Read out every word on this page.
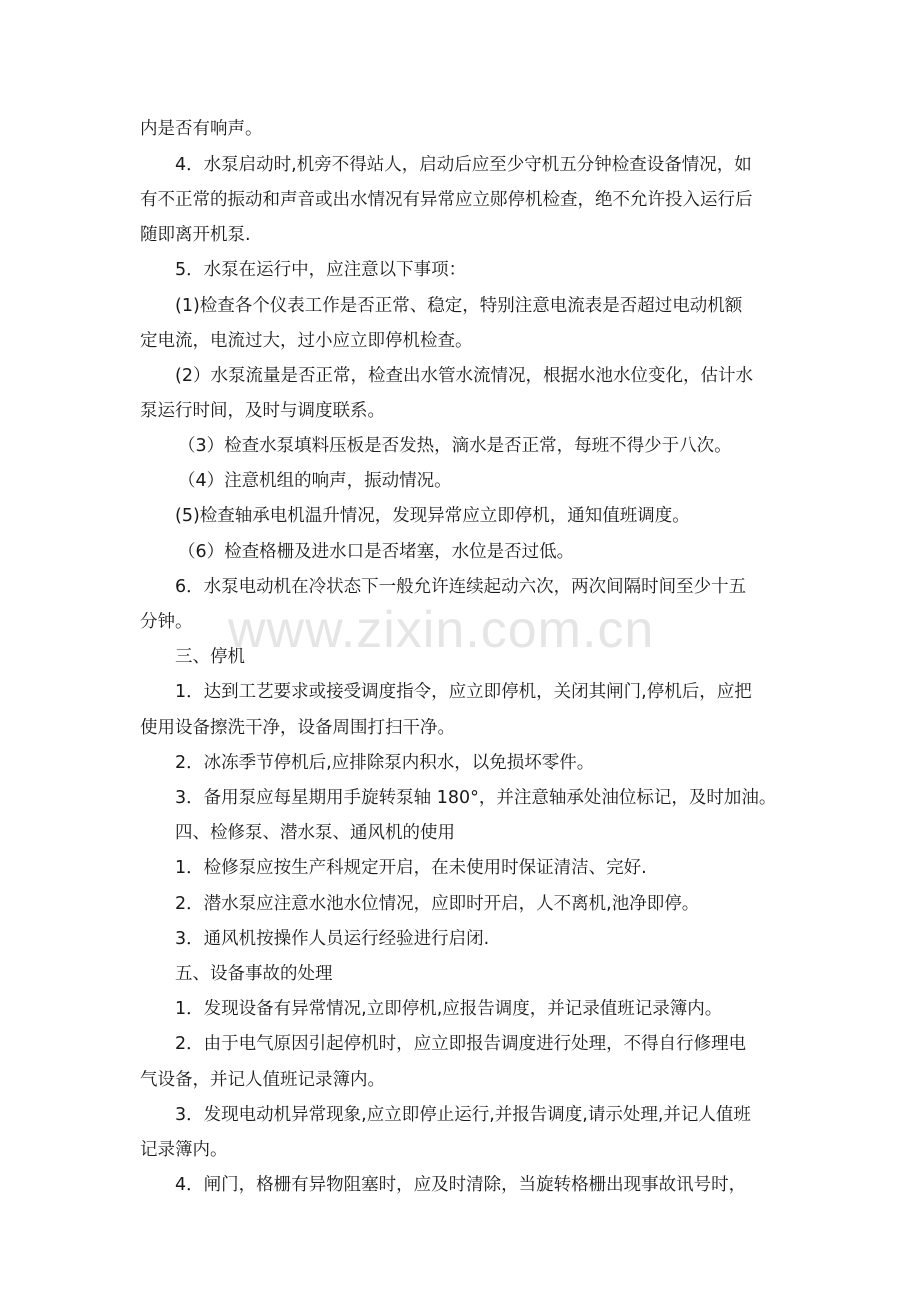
www.zixin.com.cn
内是否有响声。
4．水泵启动时,机旁不得站人，启动后应至少守机五分钟检查设备情况，如
有不正常的振动和声音或出水情况有异常应立郧停机检查，绝不允许投入运行后
随即离开机泵.
5．水泵在运行中，应注意以下事项：
(1)检查各个仪表工作是否正常、稳定，特别注意电流表是否超过电动机额
定电流，电流过大，过小应立即停机检查。
(2）水泵流量是否正常，检查出水管水流情况，根据水池水位变化，估计水
泵运行时间，及时与调度联系。
（3）检查水泵填料压板是否发热，滴水是否正常，每班不得少于八次。
（4）注意机组的响声，振动情况。
(5)检查轴承电机温升情况，发现异常应立即停机，通知值班调度。
（6）检查格栅及进水口是否堵塞，水位是否过低。
6．水泵电动机在冷状态下一般允许连续起动六次，两次间隔时间至少十五
分钟。
三、停机
1．达到工艺要求或接受调度指令，应立即停机，关闭其闸门,停机后，应把
使用设备擦洗干净，设备周围打扫干净。
2．冰冻季节停机后,应排除泵内积水，以免损坏零件。
3．备用泵应每星期用手旋转泵轴 180°，并注意轴承处油位标记，及时加油。
四、检修泵、潜水泵、通风机的使用
1．检修泵应按生产科规定开启，在未使用时保证清洁、完好.
2．潜水泵应注意水池水位情况，应即时开启，人不离机,池净即停。
3．通风机按操作人员运行经验进行启闭.
五、设备事故的处理
1．发现设备有异常情况,立即停机,应报告调度，并记录值班记录簿内。
2．由于电气原因引起停机时，应立即报告调度进行处理，不得自行修理电
气设备，并记人值班记录簿内。
3．发现电动机异常现象,应立即停止运行,并报告调度,请示处理,并记人值班
记录簿内。
4．闸门，格栅有异物阻塞时，应及时清除，当旋转格栅出现事故讯号时，
